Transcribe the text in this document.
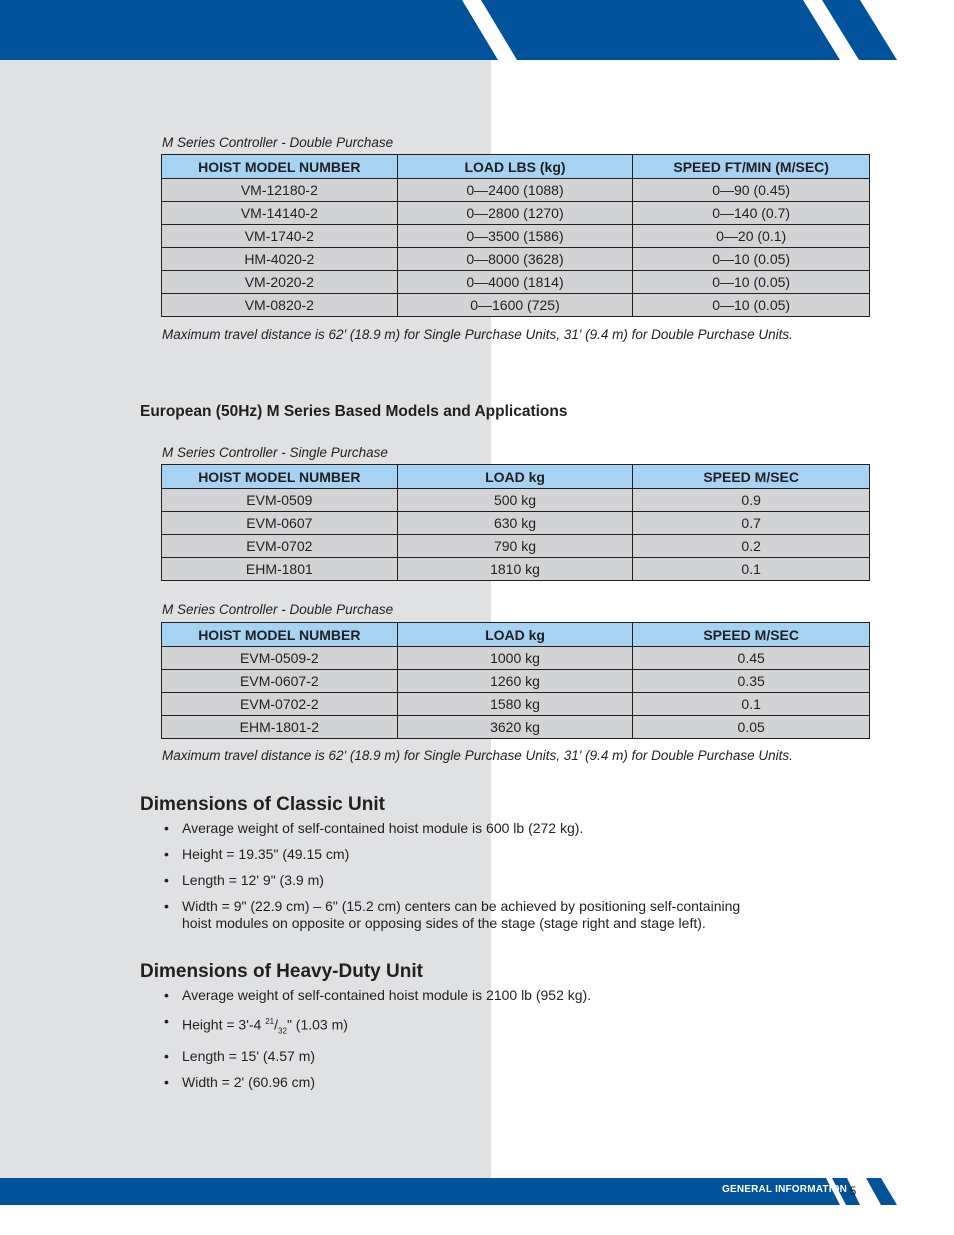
GENERAL INFORMATION 5
M Series Controller - Double Purchase
HOIST MODEL NUMBER	LOAD LBS (kg)	SPEED FT/MIN (M/SEC)
VM-12180-2	0—2400 (1088)	0—90 (0.45)
VM-14140-2	0—2800 (1270)	0—140 (0.7)
VM-1740-2	0—3500 (1586)	0—20 (0.1)
HM-4020-2	0—8000 (3628)	0—10 (0.05)
VM-2020-2	0—4000 (1814)	0—10 (0.05)
VM-0820-2	0—1600 (725)	0—10 (0.05)
Maximum travel distance is 62' (18.9 m) for Single Purchase Units, 31' (9.4 m) for Double Purchase Units.
European (50Hz) M Series Based Models and Applications
M Series Controller - Single Purchase
HOIST MODEL NUMBER	LOAD kg	SPEED M/SEC
EVM-0509	500 kg	0.9
EVM-0607	630 kg	0.7
EVM-0702	790 kg	0.2
EHM-1801	1810 kg	0.1
M Series Controller - Double Purchase
HOIST MODEL NUMBER	LOAD kg	SPEED M/SEC
EVM-0509-2	1000 kg	0.45
EVM-0607-2	1260 kg	0.35
EVM-0702-2	1580 kg	0.1
EHM-1801-2	3620 kg	0.05
Maximum travel distance is 62' (18.9 m) for Single Purchase Units, 31' (9.4 m) for Double Purchase Units.
Dimensions of Classic Unit
• Average weight of self-contained hoist module is 600 lb (272 kg).
• Height = 19.35" (49.15 cm)
• Length = 12' 9" (3.9 m)
• Width = 9" (22.9 cm) – 6" (15.2 cm) centers can be achieved by positioning self-containing
hoist modules on opposite or opposing sides of the stage (stage right and stage left).
Dimensions of Heavy-Duty Unit
• Average weight of self-contained hoist module is 2100 lb (952 kg).
• Height = 3'-4 $^{21}/_{32}$" (1.03 m)
• Length = 15' (4.57 m)
• Width = 2' (60.96 cm)
